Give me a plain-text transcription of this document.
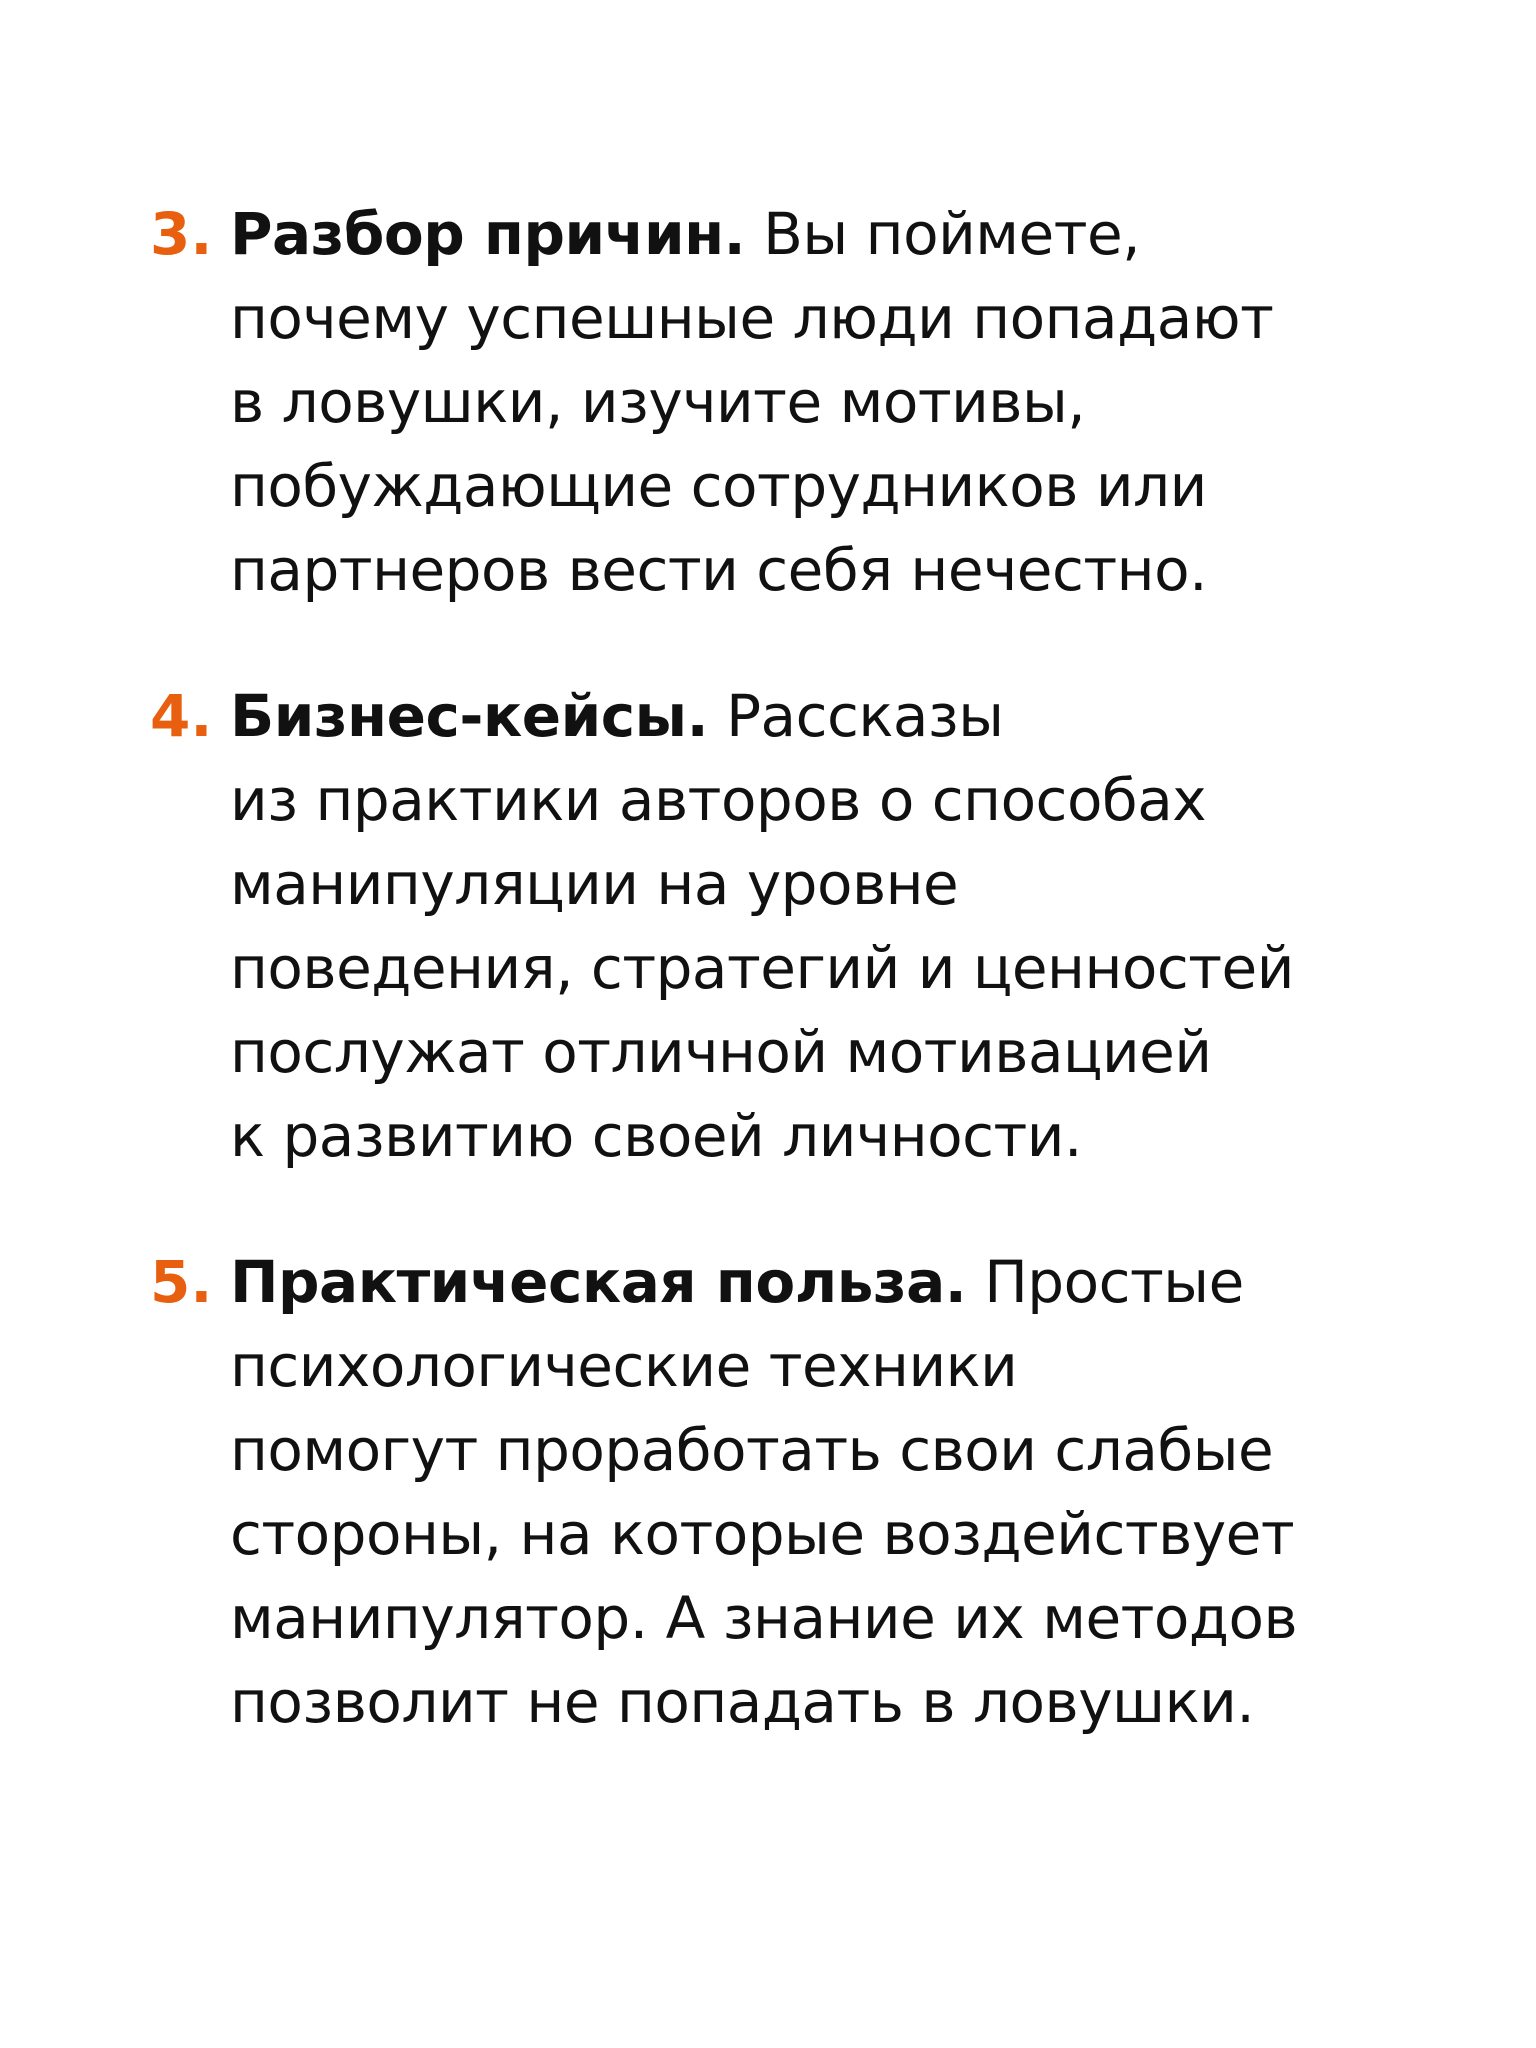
3. Разбор причин. Вы поймете,
почему успешные люди попадают
в ловушки, изучите мотивы,
побуждающие сотрудников или
партнеров вести себя нечестно.
4. Бизнес-кейсы. Рассказы
из практики авторов о способах
манипуляции на уровне
поведения, стратегий и ценностей
послужат отличной мотивацией
к развитию своей личности.
5. Практическая польза. Простые
психологические техники
помогут проработать свои слабые
стороны, на которые воздействует
манипулятор. А знание их методов
позволит не попадать в ловушки.
